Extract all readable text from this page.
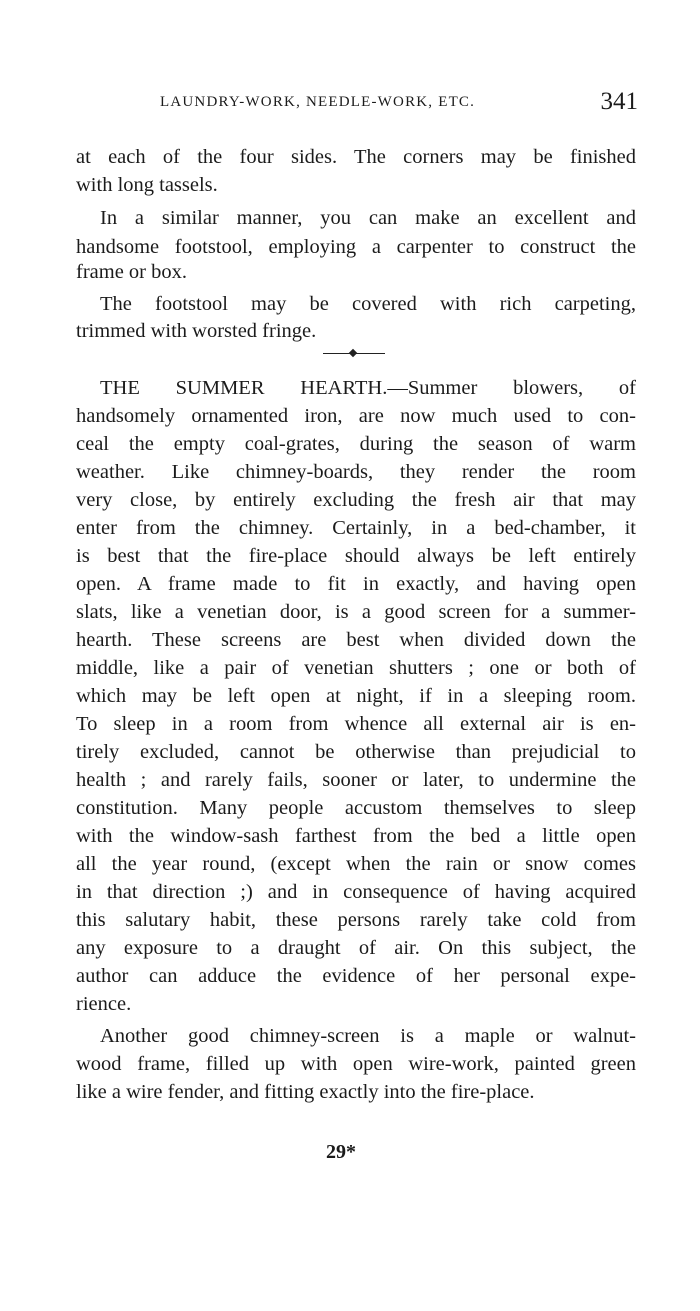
LAUNDRY-WORK, NEEDLE-WORK, ETC.	341
at each of the four sides. The corners may be finished
with long tassels.
In a similar manner, you can make an excellent and
handsome footstool, employing a carpenter to construct the
frame or box.
The footstool may be covered with rich carpeting,
trimmed with worsted fringe.
THE SUMMER HEARTH.—Summer blowers, of
handsomely ornamented iron, are now much used to con-
ceal the empty coal-grates, during the season of warm
weather. Like chimney-boards, they render the room
very close, by entirely excluding the fresh air that may
enter from the chimney. Certainly, in a bed-chamber, it
is best that the fire-place should always be left entirely
open. A frame made to fit in exactly, and having open
slats, like a venetian door, is a good screen for a summer-
hearth. These screens are best when divided down the
middle, like a pair of venetian shutters ; one or both of
which may be left open at night, if in a sleeping room.
To sleep in a room from whence all external air is en-
tirely excluded, cannot be otherwise than prejudicial to
health ; and rarely fails, sooner or later, to undermine the
constitution. Many people accustom themselves to sleep
with the window-sash farthest from the bed a little open
all the year round, (except when the rain or snow comes
in that direction ;) and in consequence of having acquired
this salutary habit, these persons rarely take cold from
any exposure to a draught of air. On this subject, the
author can adduce the evidence of her personal expe-
rience.
Another good chimney-screen is a maple or walnut-
wood frame, filled up with open wire-work, painted green
like a wire fender, and fitting exactly into the fire-place.
29*
